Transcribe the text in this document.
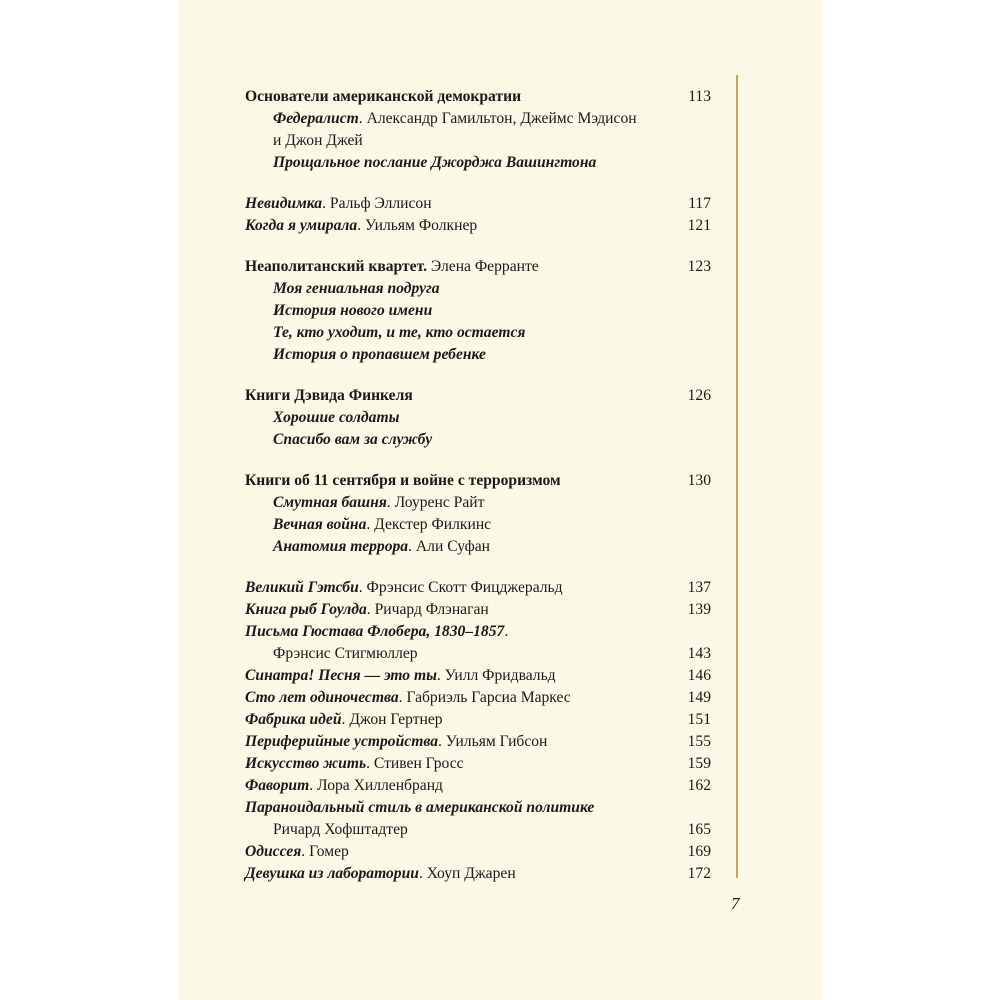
Основатели американской демократии	113
Федералист. Александр Гамильтон, Джеймс Мэдисон
и Джон Джей
Прощальное послание Джорджа Вашингтона
Невидимка. Ральф Эллисон	117
Когда я умирала. Уильям Фолкнер	121
Неаполитанский квартет. Элена Ферранте	123
Моя гениальная подруга
История нового имени
Те, кто уходит, и те, кто остается
История о пропавшем ребенке
Книги Дэвида Финкеля	126
Хорошие солдаты
Спасибо вам за службу
Книги об 11 сентября и войне с терроризмом	130
Смутная башня. Лоуренс Райт
Вечная война. Декстер Филкинс
Анатомия террора. Али Суфан
Великий Гэтсби. Фрэнсис Скотт Фицджеральд	137
Книга рыб Гоулда. Ричард Флэнаган	139
Письма Гюстава Флобера, 1830–1857.
Фрэнсис Стигмюллер	143
Синатра! Песня — это ты. Уилл Фридвальд	146
Сто лет одиночества. Габриэль Гарсиа Маркес	149
Фабрика идей. Джон Гертнер	151
Периферийные устройства. Уильям Гибсон	155
Искусство жить. Стивен Гросс	159
Фаворит. Лора Хилленбранд	162
Параноидальный стиль в американской политике
Ричард Хофштадтер	165
Одиссея. Гомер	169
Девушка из лаборатории. Хоуп Джарен	172
7
